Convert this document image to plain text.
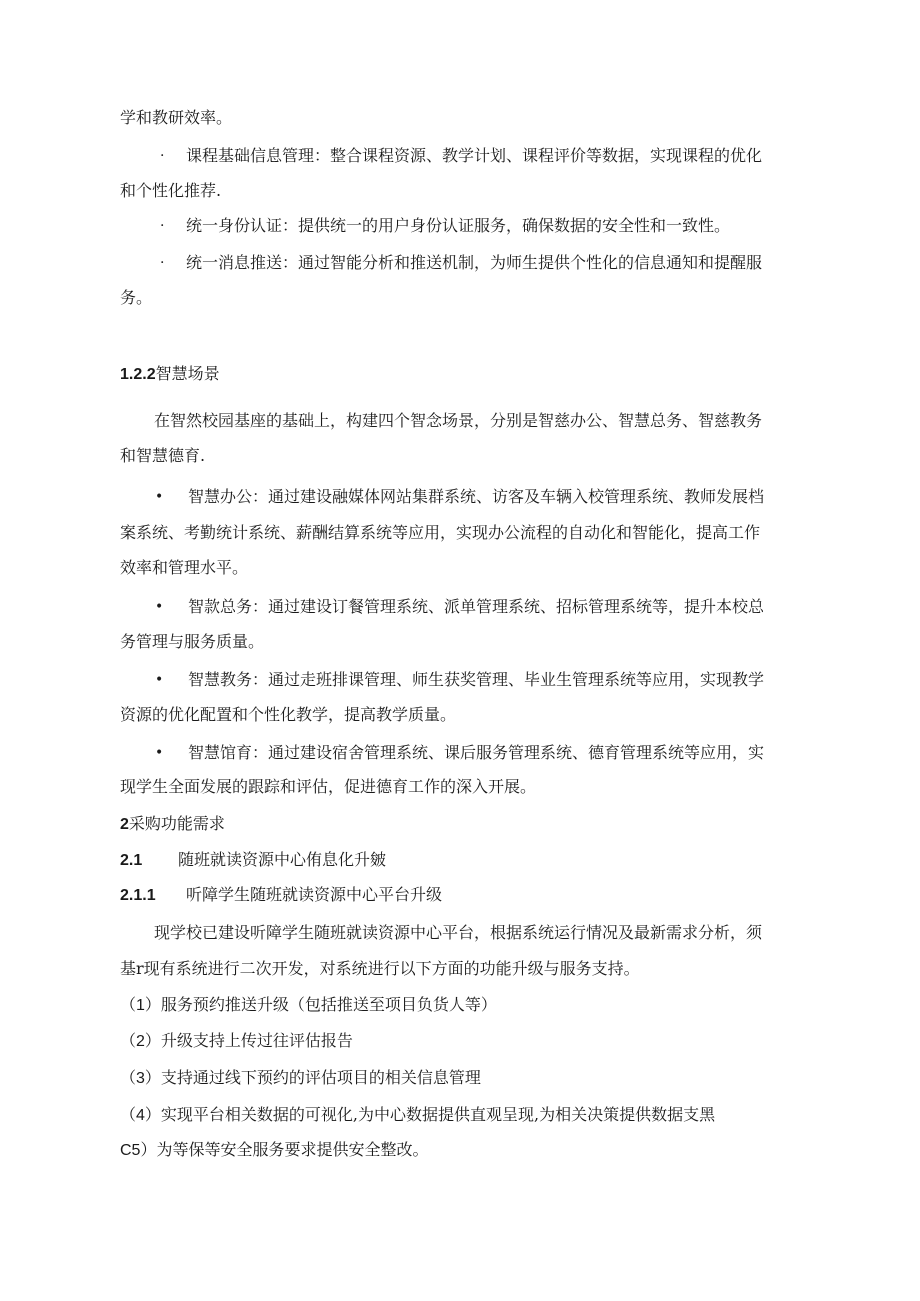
学和教研效率。
· 课程基础信息管理：整合课程资源、教学计划、课程评价等数据，实现课程的优化
和个性化推荐.
· 统一身份认证：提供统一的用户身份认证服务，确保数据的安全性和一致性。
· 统一消息推送：通过智能分析和推送机制，为师生提供个性化的信息通知和提醒服
务。
1.2.2智慧场景
在智然校园基座的基础上，构建四个智念场景，分别是智慈办公、智慧总务、智慈教务
和智慧德育.
• 智慧办公：通过建设融媒体网站集群系统、访客及车辆入校管理系统、教师发展档
案系统、考勤统计系统、薪酬结算系统等应用，实现办公流程的自动化和智能化，提高工作
效率和管理水平。
• 智款总务：通过建设订餐管理系统、派单管理系统、招标管理系统等，提升本校总
务管理与服务质量。
• 智慧教务：通过走班排课管理、师生获奖管理、毕业生管理系统等应用，实现教学
资源的优化配置和个性化教学，提高教学质量。
• 智慧馆育：通过建设宿舍管理系统、课后服务管理系统、德育管理系统等应用，实
现学生全面发展的跟踪和评估，促进德育工作的深入开展。
2采购功能需求
2.1 随班就读资源中心侑息化升皴
2.1.1 听障学生随班就读资源中心平台升级
现学校已建设听障学生随班就读资源中心平台，根据系统运行情况及最新需求分析，须
基r现有系统进行二次开发，对系统进行以下方面的功能升级与服务支持。
（1）服务预约推送升级（包括推送至项目负货人等）
（2）升级支持上传过往评估报告
（3）支持通过线下预约的评估项目的相关信息管理
（4）实现平台相关数据的可视化,为中心数据提供直观呈现,为相关决策提供数据支黑
C5）为等保等安全服务要求提供安全整改。
